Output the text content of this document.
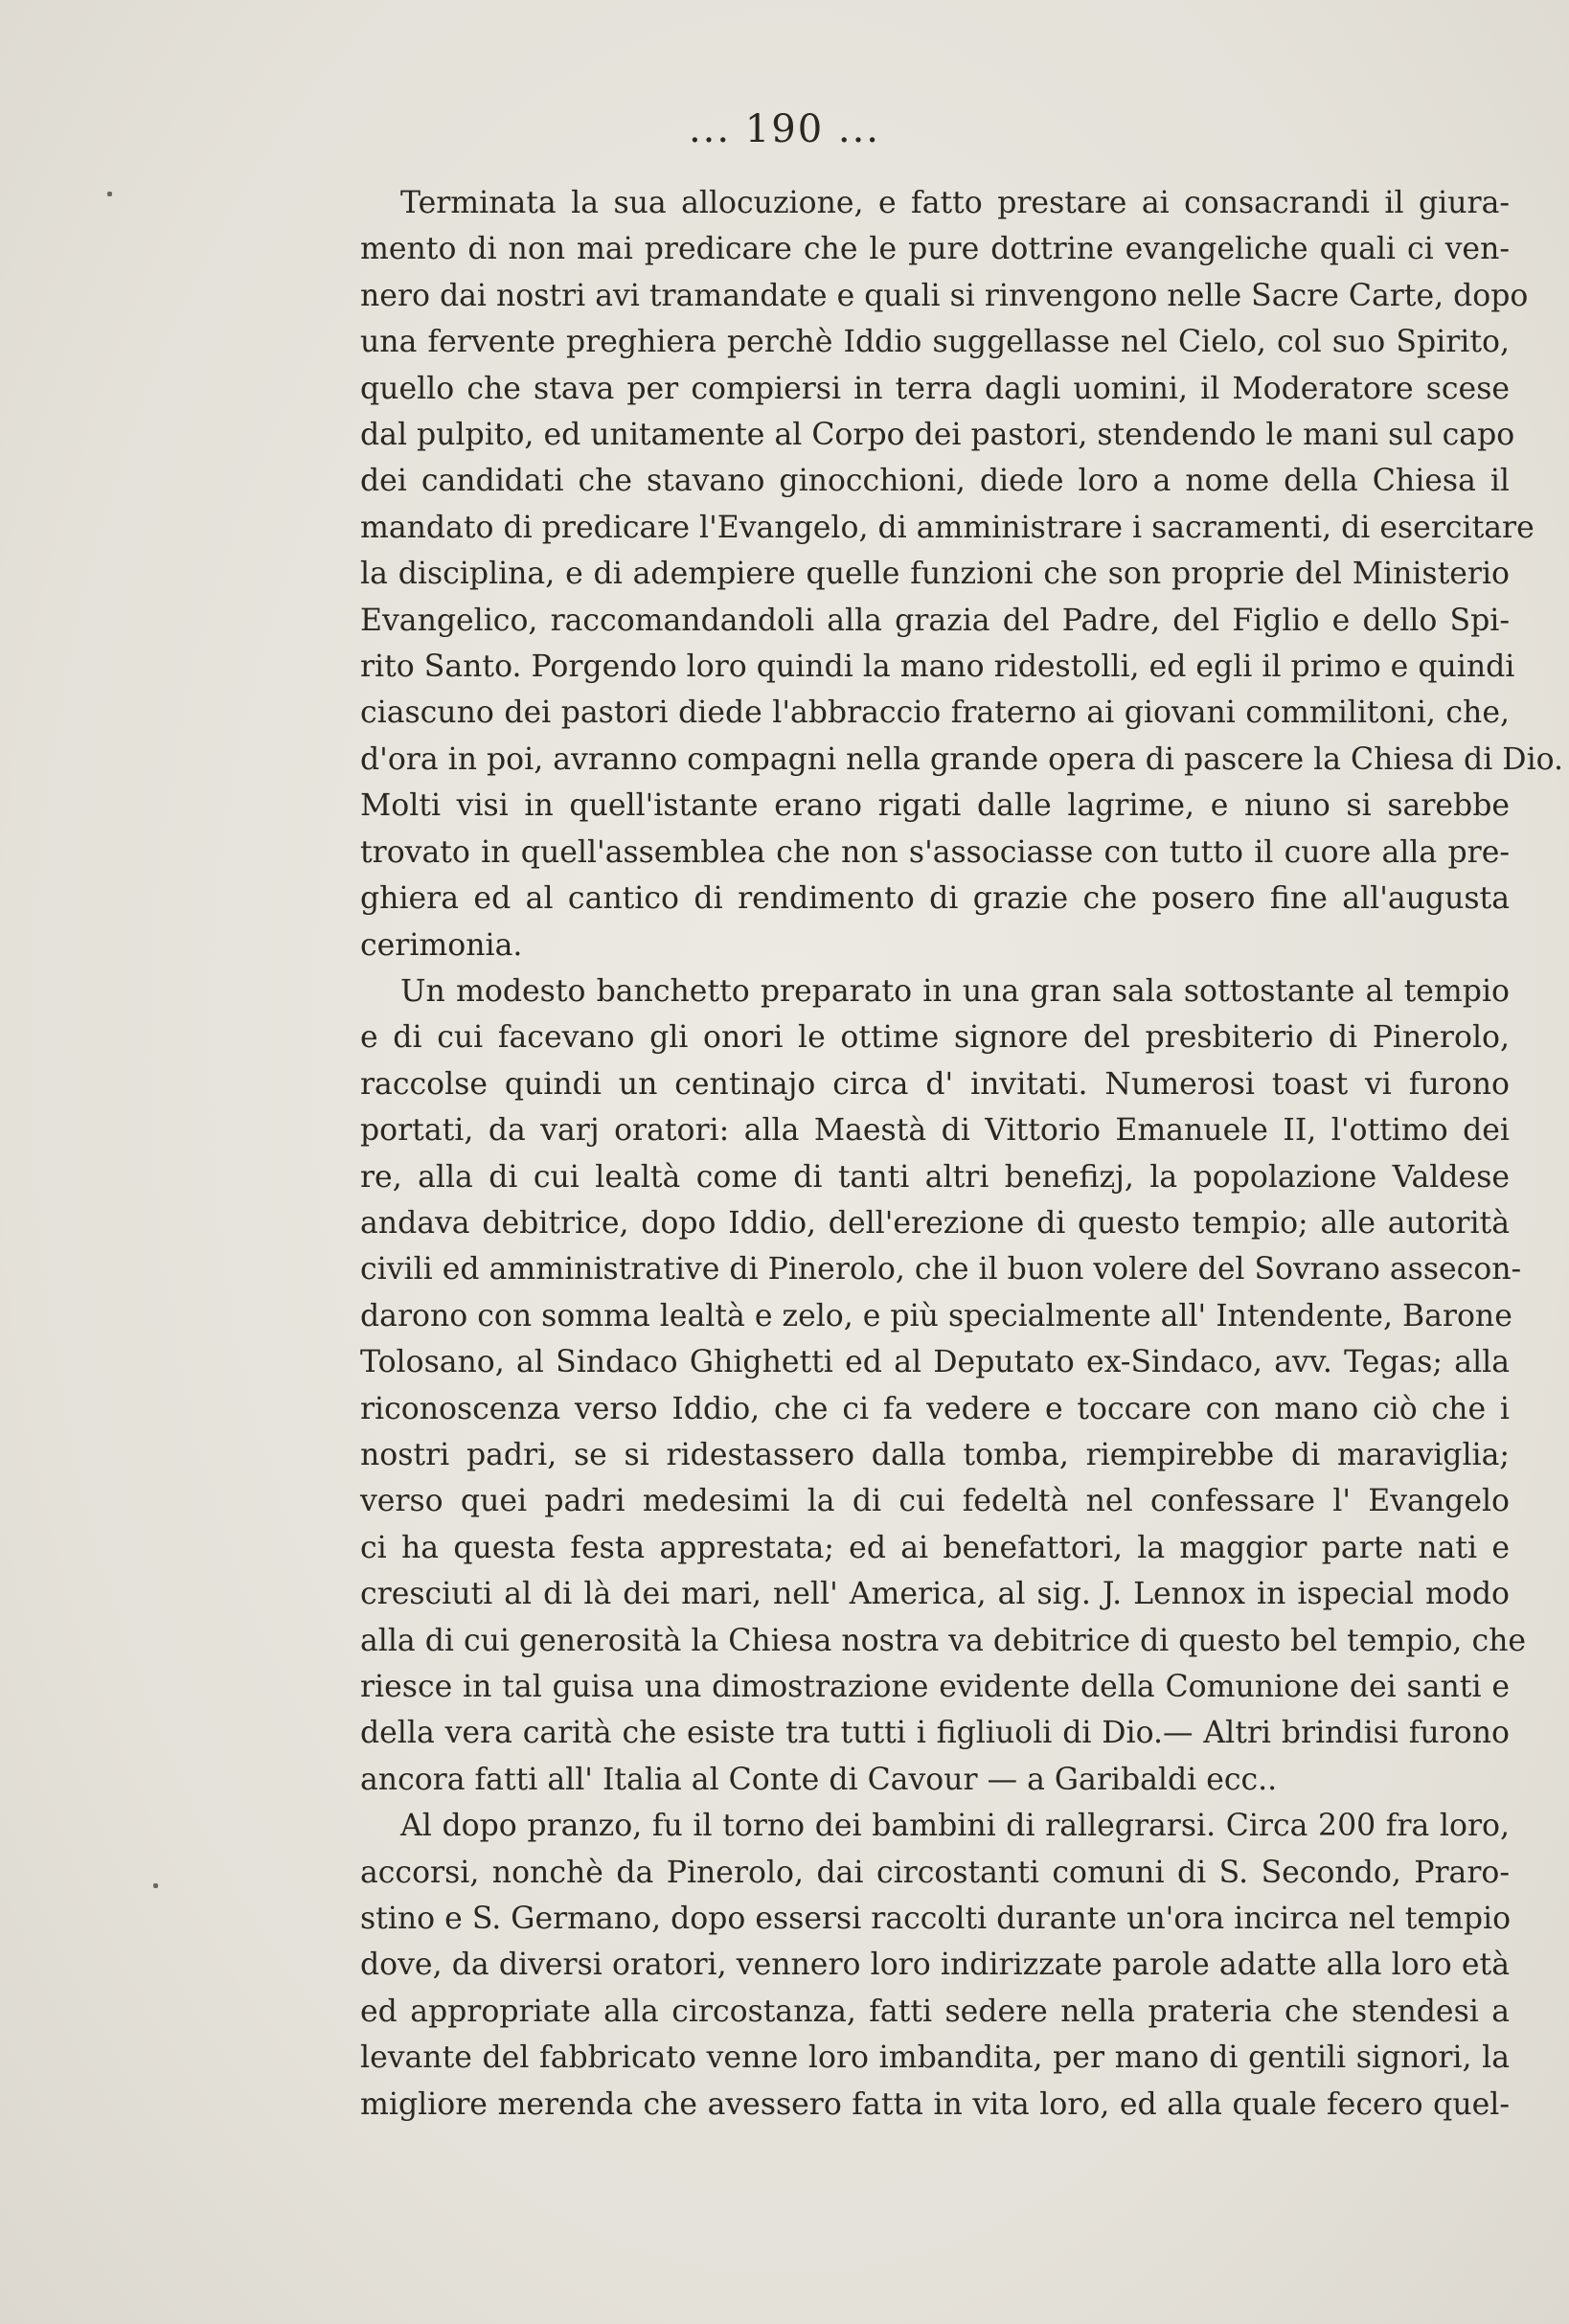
... 190 ...
Terminata la sua allocuzione, e fatto prestare ai consacrandi il giura-
mento di non mai predicare che le pure dottrine evangeliche quali ci ven-
nero dai nostri avi tramandate e quali si rinvengono nelle Sacre Carte, dopo
una fervente preghiera perchè Iddio suggellasse nel Cielo, col suo Spirito,
quello che stava per compiersi in terra dagli uomini, il Moderatore scese
dal pulpito, ed unitamente al Corpo dei pastori, stendendo le mani sul capo
dei candidati che stavano ginocchioni, diede loro a nome della Chiesa il
mandato di predicare l'Evangelo, di amministrare i sacramenti, di esercitare
la disciplina, e di adempiere quelle funzioni che son proprie del Ministerio
Evangelico, raccomandandoli alla grazia del Padre, del Figlio e dello Spi-
rito Santo. Porgendo loro quindi la mano ridestolli, ed egli il primo e quindi
ciascuno dei pastori diede l'abbraccio fraterno ai giovani commilitoni, che,
d'ora in poi, avranno compagni nella grande opera di pascere la Chiesa di Dio.
Molti visi in quell'istante erano rigati dalle lagrime, e niuno si sarebbe
trovato in quell'assemblea che non s'associasse con tutto il cuore alla pre-
ghiera ed al cantico di rendimento di grazie che posero fine all'augusta
cerimonia.
Un modesto banchetto preparato in una gran sala sottostante al tempio
e di cui facevano gli onori le ottime signore del presbiterio di Pinerolo,
raccolse quindi un centinajo circa d' invitati. Numerosi toast vi furono
portati, da varj oratori: alla Maestà di Vittorio Emanuele II, l'ottimo dei
re, alla di cui lealtà come di tanti altri benefizj, la popolazione Valdese
andava debitrice, dopo Iddio, dell'erezione di questo tempio; alle autorità
civili ed amministrative di Pinerolo, che il buon volere del Sovrano assecon-
darono con somma lealtà e zelo, e più specialmente all' Intendente, Barone
Tolosano, al Sindaco Ghighetti ed al Deputato ex-Sindaco, avv. Tegas; alla
riconoscenza verso Iddio, che ci fa vedere e toccare con mano ciò che i
nostri padri, se si ridestassero dalla tomba, riempirebbe di maraviglia;
verso quei padri medesimi la di cui fedeltà nel confessare l' Evangelo
ci ha questa festa apprestata; ed ai benefattori, la maggior parte nati e
cresciuti al di là dei mari, nell' America, al sig. J. Lennox in ispecial modo
alla di cui generosità la Chiesa nostra va debitrice di questo bel tempio, che
riesce in tal guisa una dimostrazione evidente della Comunione dei santi e
della vera carità che esiste tra tutti i figliuoli di Dio.— Altri brindisi furono
ancora fatti all' Italia al Conte di Cavour — a Garibaldi ecc..
Al dopo pranzo, fu il torno dei bambini di rallegrarsi. Circa 200 fra loro,
accorsi, nonchè da Pinerolo, dai circostanti comuni di S. Secondo, Praro-
stino e S. Germano, dopo essersi raccolti durante un'ora incirca nel tempio
dove, da diversi oratori, vennero loro indirizzate parole adatte alla loro età
ed appropriate alla circostanza, fatti sedere nella prateria che stendesi a
levante del fabbricato venne loro imbandita, per mano di gentili signori, la
migliore merenda che avessero fatta in vita loro, ed alla quale fecero quel-
